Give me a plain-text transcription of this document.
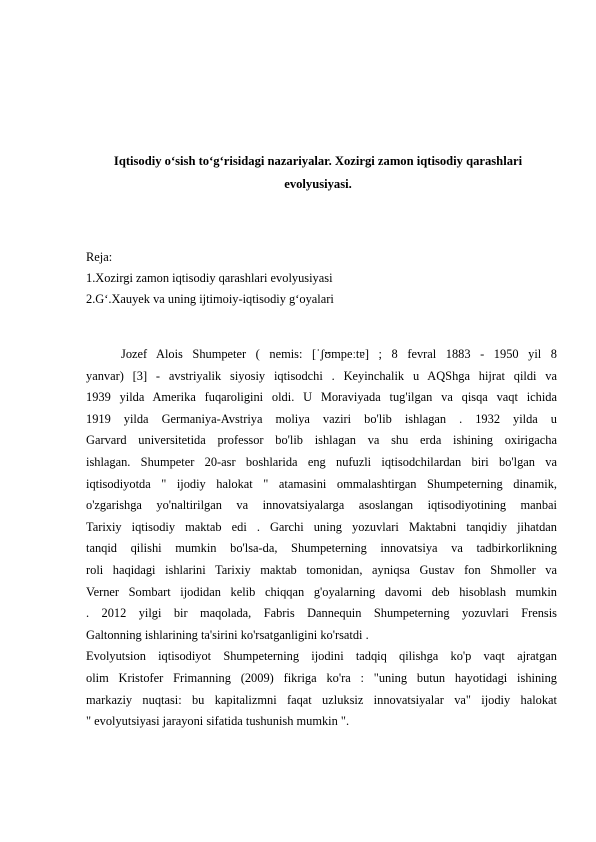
Iqtisodiy o‘sish to‘g‘risidagi nazariyalar. Xozirgi zamon iqtisodiy qarashlari
evolyusiyasi.
Reja:
1.Xozirgi zamon iqtisodiy qarashlari evolyusiyasi
2.G‘.Xauyek va uning ijtimoiy-iqtisodiy g‘oyalari

Jozef Alois Shumpeter ( nemis: [ˈʃʊmpeːtɐ] ; 8 fevral 1883 - 1950 yil 8

yanvar) [3] - avstriyalik siyosiy iqtisodchi . Keyinchalik u AQShga hijrat qildi va

1939 yilda Amerika fuqaroligini oldi. U Moraviyada tug'ilgan va qisqa vaqt ichida

1919 yilda Germaniya-Avstriya moliya vaziri bo'lib ishlagan . 1932 yilda u

Garvard universitetida professor bo'lib ishlagan va shu erda ishining oxirigacha

ishlagan. Shumpeter 20-asr boshlarida eng nufuzli iqtisodchilardan biri bo'lgan va

iqtisodiyotda " ijodiy halokat " atamasini ommalashtirgan Shumpeterning dinamik,

o'zgarishga yo'naltirilgan va innovatsiyalarga asoslangan iqtisodiyotining manbai

Tarixiy iqtisodiy maktab edi . Garchi uning yozuvlari Maktabni tanqidiy jihatdan

tanqid qilishi mumkin bo'lsa-da, Shumpeterning innovatsiya va tadbirkorlikning

roli haqidagi ishlarini Tarixiy maktab tomonidan, ayniqsa Gustav fon Shmoller va

Verner Sombart ijodidan kelib chiqqan g'oyalarning davomi deb hisoblash mumkin

. 2012 yilgi bir maqolada, Fabris Dannequin Shumpeterning yozuvlari Frensis

Galtonning ishlarining ta'sirini ko'rsatganligini ko'rsatdi .

Evolyutsion iqtisodiyot Shumpeterning ijodini tadqiq qilishga ko'p vaqt ajratgan

olim Kristofer Frimanning (2009) fikriga ko'ra : "uning butun hayotidagi ishining

markaziy nuqtasi: bu kapitalizmni faqat uzluksiz innovatsiyalar va" ijodiy halokat

" evolyutsiyasi jarayoni sifatida tushunish mumkin ".
